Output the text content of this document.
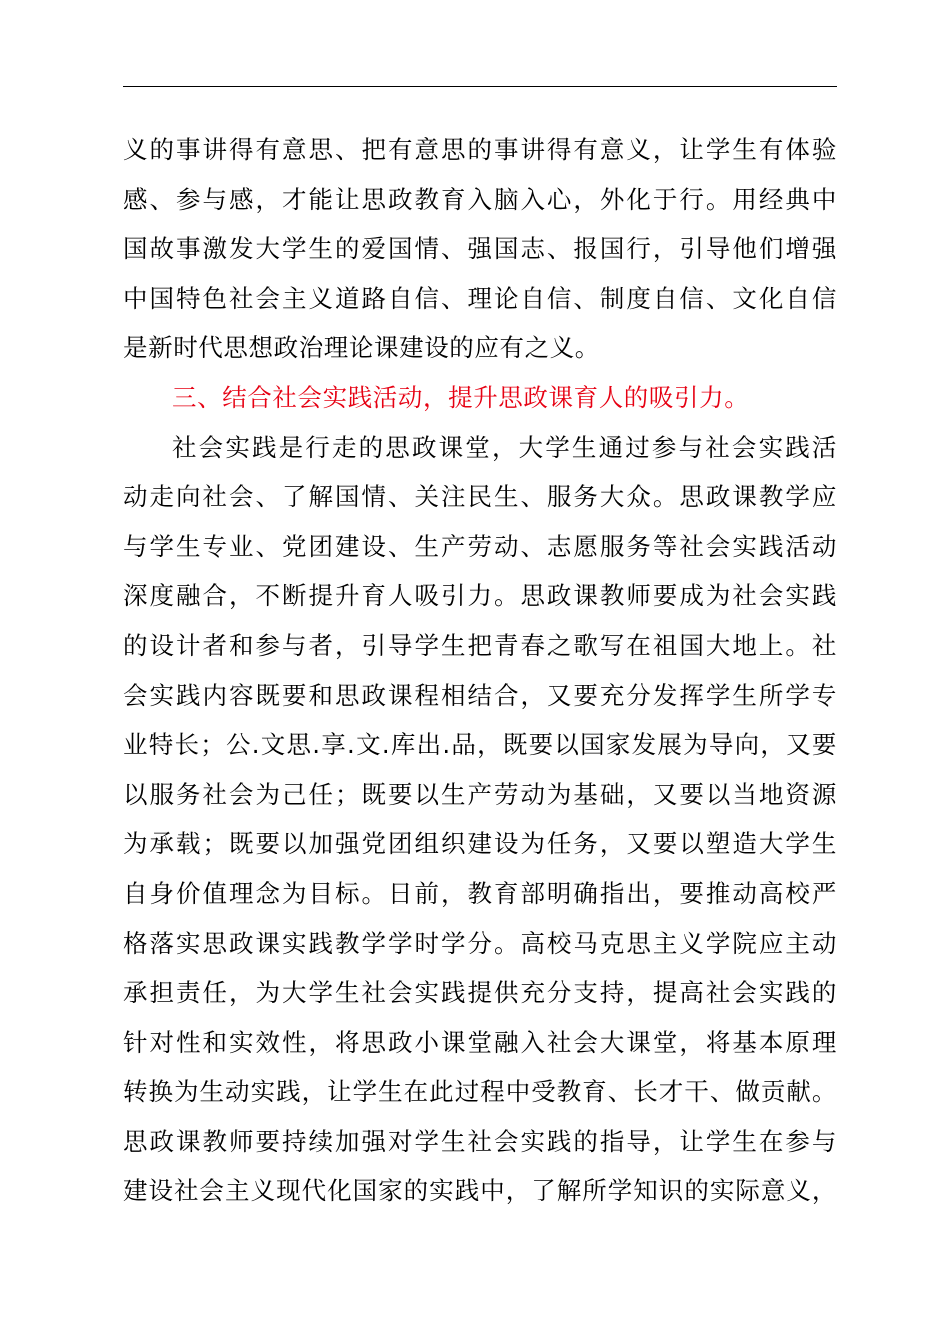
义的事讲得有意思、把有意思的事讲得有意义，让学生有体验
感、参与感，才能让思政教育入脑入心，外化于行。用经典中
国故事激发大学生的爱国情、强国志、报国行，引导他们增强
中国特色社会主义道路自信、理论自信、制度自信、文化自信
是新时代思想政治理论课建设的应有之义。
三、结合社会实践活动，提升思政课育人的吸引力。
社会实践是行走的思政课堂，大学生通过参与社会实践活
动走向社会、了解国情、关注民生、服务大众。思政课教学应
与学生专业、党团建设、生产劳动、志愿服务等社会实践活动
深度融合，不断提升育人吸引力。思政课教师要成为社会实践
的设计者和参与者，引导学生把青春之歌写在祖国大地上。社
会实践内容既要和思政课程相结合，又要充分发挥学生所学专
业特长；公.文思.享.文.库出.品，既要以国家发展为导向，又要
以服务社会为己任；既要以生产劳动为基础，又要以当地资源
为承载；既要以加强党团组织建设为任务，又要以塑造大学生
自身价值理念为目标。日前，教育部明确指出，要推动高校严
格落实思政课实践教学学时学分。高校马克思主义学院应主动
承担责任，为大学生社会实践提供充分支持，提高社会实践的
针对性和实效性，将思政小课堂融入社会大课堂，将基本原理
转换为生动实践，让学生在此过程中受教育、长才干、做贡献。
思政课教师要持续加强对学生社会实践的指导，让学生在参与
建设社会主义现代化国家的实践中，了解所学知识的实际意义，
